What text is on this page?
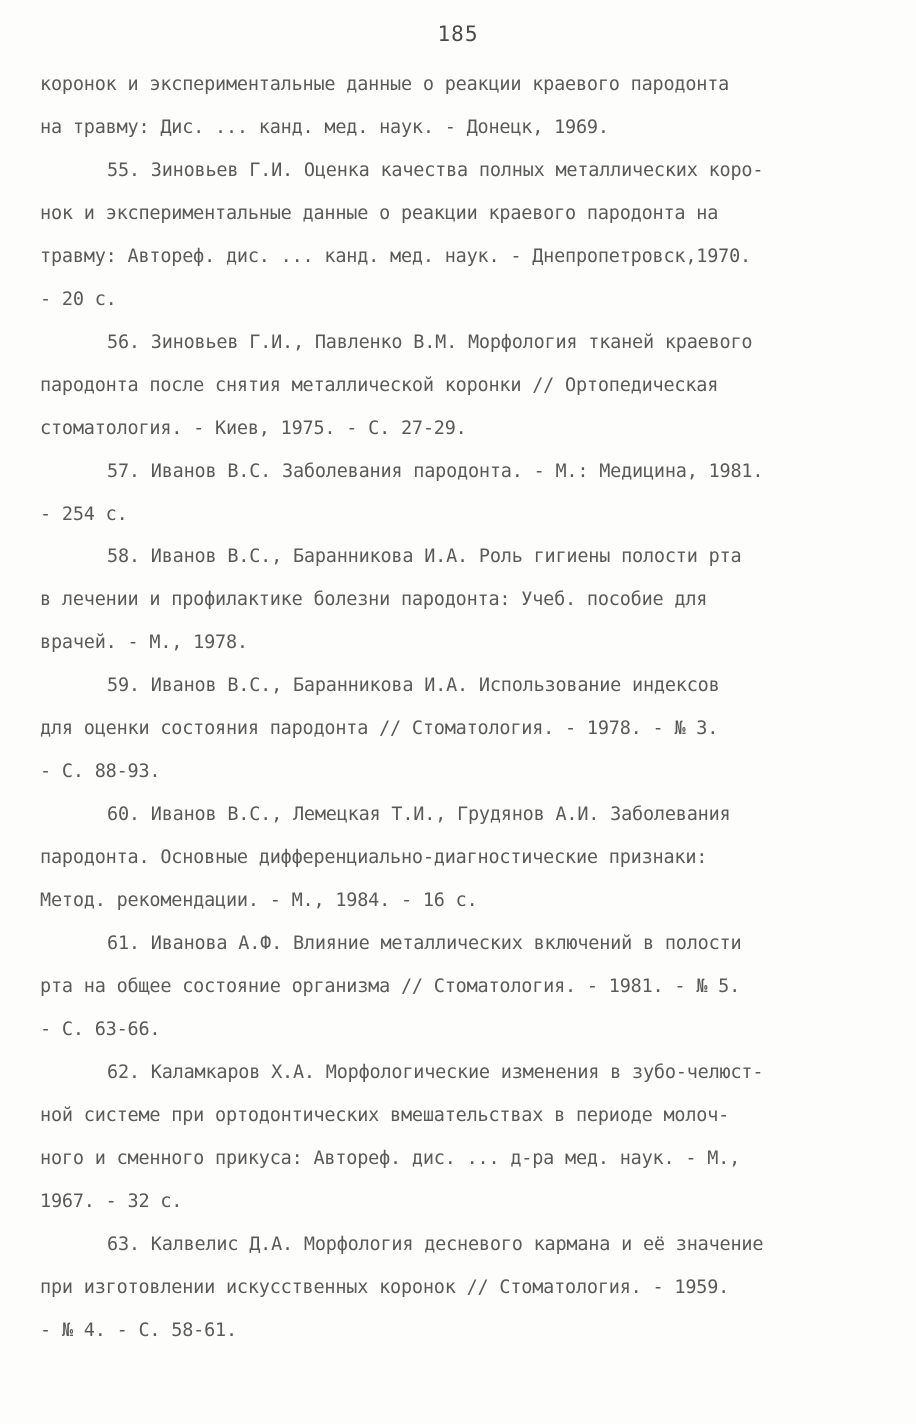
185
коронок и экспериментальные данные о реакции краевого пародонта
на травму: Дис. ... канд. мед. наук. - Донецк, 1969.
55. Зиновьев Г.И. Оценка качества полных металлических коро-
нок и экспериментальные данные о реакции краевого пародонта на
травму: Автореф. дис. ... канд. мед. наук. - Днепропетровск,1970.
- 20 с.
56. Зиновьев Г.И., Павленко В.М. Морфология тканей краевого
пародонта после снятия металлической коронки // Ортопедическая
стоматология. - Киев, 1975. - С. 27-29.
57. Иванов В.С. Заболевания пародонта. - М.: Медицина, 1981.
- 254 с.
58. Иванов В.С., Баранникова И.А. Роль гигиены полости рта
в лечении и профилактике болезни пародонта: Учеб. пособие для
врачей. - М., 1978.
59. Иванов В.С., Баранникова И.А. Использование индексов
для оценки состояния пародонта // Стоматология. - 1978. - № 3.
- С. 88-93.
60. Иванов В.С., Лемецкая Т.И., Грудянов А.И. Заболевания
пародонта. Основные дифференциально-диагностические признаки:
Метод. рекомендации. - М., 1984. - 16 с.
61. Иванова А.Ф. Влияние металлических включений в полости
рта на общее состояние организма // Стоматология. - 1981. - № 5.
- С. 63-66.
62. Каламкаров Х.А. Морфологические изменения в зубо-челюст-
ной системе при ортодонтических вмешательствах в периоде молоч-
ного и сменного прикуса: Автореф. дис. ... д-ра мед. наук. - М.,
1967. - 32 с.
63. Калвелис Д.А. Морфология десневого кармана и её значение
при изготовлении искусственных коронок // Стоматология. - 1959.
- № 4. - С. 58-61.
